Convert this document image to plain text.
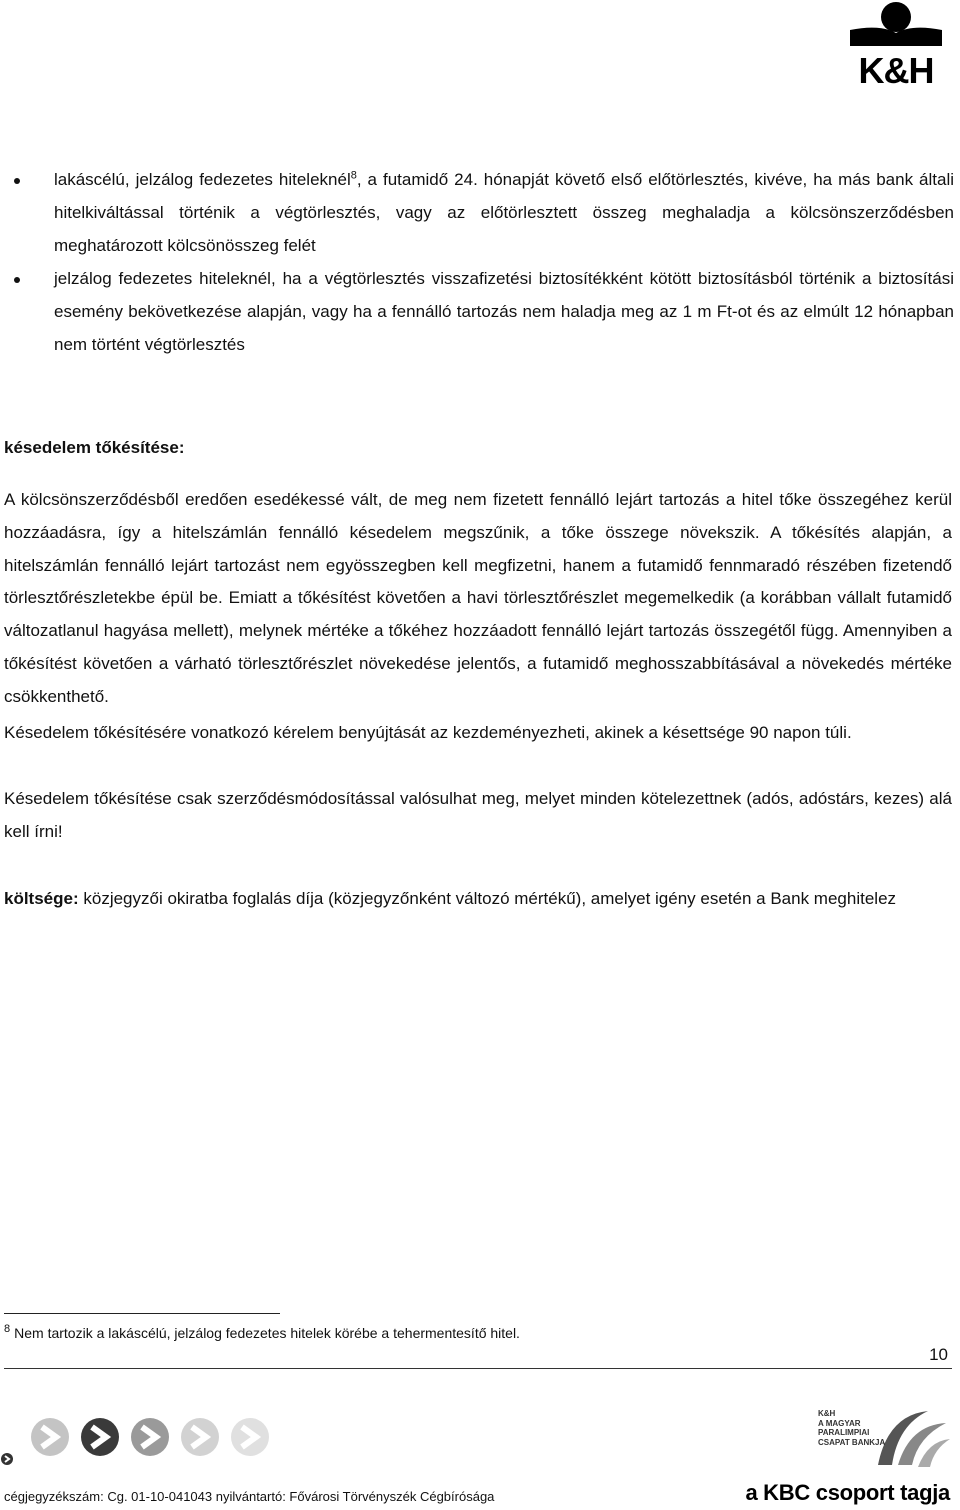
K&H
lakáscélú, jelzálog fedezetes hiteleknél$^8$, a futamidő 24. hónapját követő első előtörlesztés, kivéve, ha más bank általi hitelkiváltással történik a végtörlesztés, vagy az előtörlesztett összeg meghaladja a kölcsönszerződésben meghatározott kölcsönösszeg felét
jelzálog fedezetes hiteleknél, ha a végtörlesztés visszafizetési biztosítékként kötött biztosításból történik a biztosítási esemény bekövetkezése alapján, vagy ha a fennálló tartozás nem haladja meg az 1 m Ft-ot és az elmúlt 12 hónapban nem történt végtörlesztés
késedelem tőkésítése:

A kölcsönszerződésből eredően esedékessé vált, de meg nem fizetett fennálló lejárt tartozás a hitel tőke összegéhez kerül hozzáadásra, így a hitelszámlán fennálló késedelem megszűnik, a tőke összege növekszik. A tőkésítés alapján, a hitelszámlán fennálló lejárt tartozást nem egyösszegben kell megfizetni, hanem a futamidő fennmaradó részében fizetendő törlesztőrészletekbe épül be. Emiatt a tőkésítést követően a havi törlesztőrészlet megemelkedik (a korábban vállalt futamidő változatlanul hagyása mellett), melynek mértéke a tőkéhez hozzáadott fennálló lejárt tartozás összegétől függ. Amennyiben a tőkésítést követően a várható törlesztőrészlet növekedése jelentős, a futamidő meghosszabbításával a növekedés mértéke csökkenthető.

Késedelem tőkésítésére vonatkozó kérelem benyújtását az kezdeményezheti, akinek a késettsége 90 napon túli.

Késedelem tőkésítése csak szerződésmódosítással valósulhat meg, melyet minden kötelezettnek (adós, adóstárs, kezes) alá kell írni!

költsége: közjegyzői okiratba foglalás díja (közjegyzőnként változó mértékű), amelyet igény esetén a Bank meghitelez

$^8$ Nem tartozik a lakáscélú, jelzálog fedezetes hitelek körébe a tehermentesítő hitel.
10
cégjegyzékszám: Cg. 01-10-041043 nyilvántartó: Fővárosi Törvényszék Cégbírósága
K&H
A MAGYAR
PARALIMPIAI
CSAPAT BANKJA
a KBC csoport tagja
